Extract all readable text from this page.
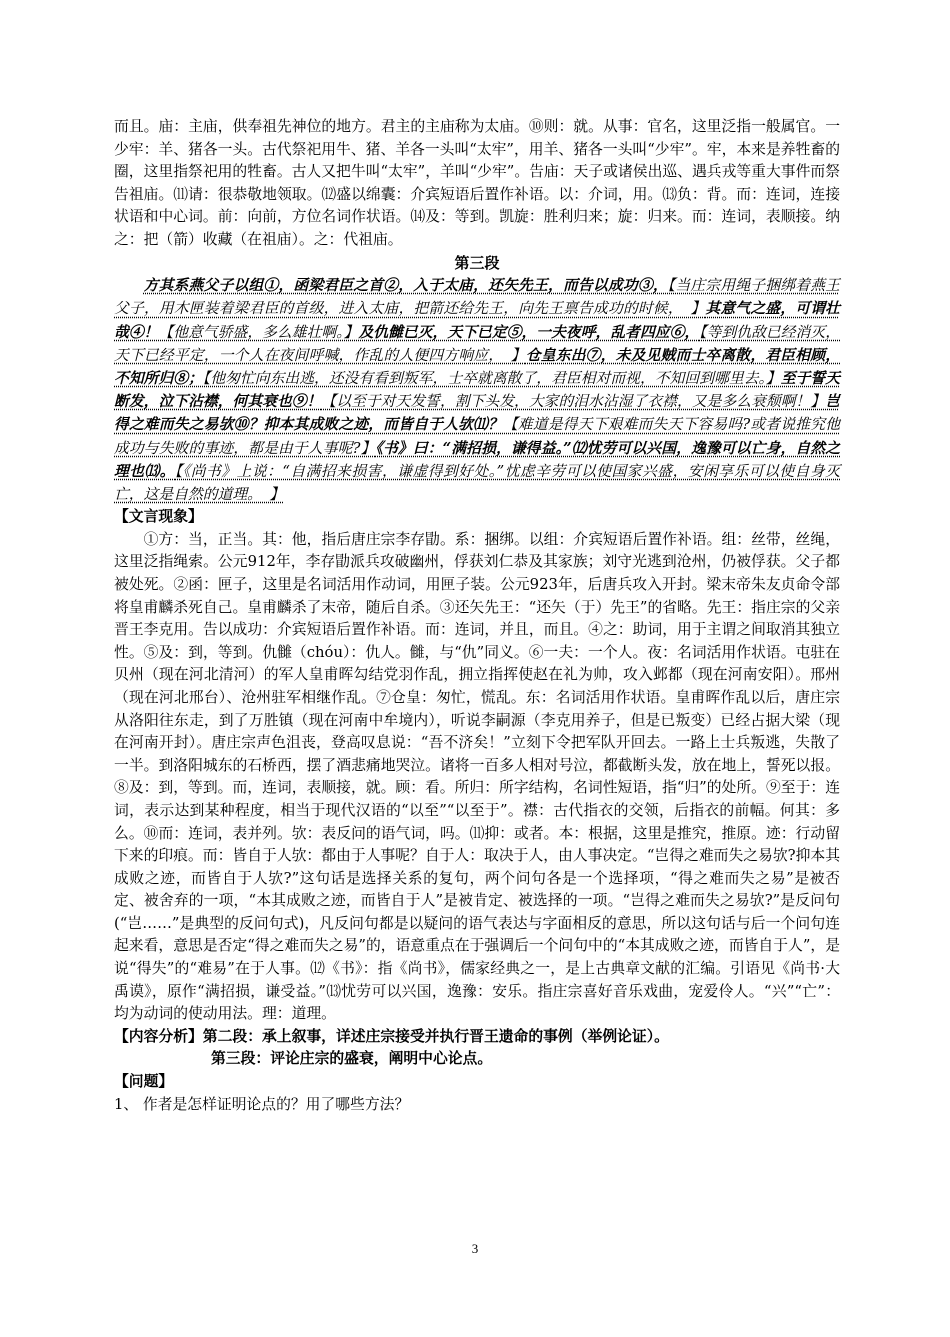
而且。庙：主庙，供奉祖先神位的地方。君主的主庙称为太庙。⑩则：就。从事：官名，这里泛指一般属官。一少牢：羊、猪各一头。古代祭祀用牛、猪、羊各一头叫“太牢”，用羊、猪各一头叫“少牢”。牢，本来是养牲畜的圈，这里指祭祀用的牲畜。古人又把牛叫“太牢”，羊叫“少牢”。告庙：天子或诸侯出巡、遇兵戎等重大事件而祭告祖庙。⑾请：很恭敬地领取。⑿盛以绵囊：介宾短语后置作补语。以：介词，用。⒀负：背。而：连词，连接状语和中心词。前：向前，方位名词作状语。⒁及：等到。凯旋：胜利归来；旋：归来。而：连词，表顺接。纳之：把（箭）收藏（在祖庙）。之：代祖庙。

第三段

方其系燕父子以组①，函梁君臣之首②，入于太庙，还矢先王，而告以成功③，【当庄宗用绳子捆绑着燕王父子，用木匣装着梁君臣的首级，进入太庙，把箭还给先王，向先王禀告成功的时候，　】其意气之盛，可谓壮哉④！【他意气骄盛，多么雄壮啊。】及仇雠已灭，天下已定⑤，一夫夜呼，乱者四应⑥，【等到仇敌已经消灭，天下已经平定，一个人在夜间呼喊，作乱的人便四方响应，　】仓皇东出⑦，未及见贼而士卒离散，君臣相顾，不知所归⑧；【他匆忙向东出逃，还没有看到叛军，士卒就离散了，君臣相对而视，不知回到哪里去。】至于誓天断发，泣下沾襟，何其衰也⑨！【以至于对天发誓，割下头发，大家的泪水沾湿了衣襟，又是多么衰颓啊！】岂得之难而失之易欤⑩？抑本其成败之迹，而皆自于人欤⑾？【难道是得天下艰难而失天下容易吗?或者说推究他成功与失败的事迹，都是由于人事呢?】《书》曰：“满招损，谦得益。”⑿忧劳可以兴国，逸豫可以亡身，自然之理也⒀。【《尚书》上说：“自满招来损害，谦虚得到好处。”忧虑辛劳可以使国家兴盛，安闲享乐可以使自身灭亡，这是自然的道理。　】

【文言现象】

①方：当，正当。其：他，指后唐庄宗李存勖。系：捆绑。以组：介宾短语后置作补语。组：丝带，丝绳，这里泛指绳索。公元912年，李存勖派兵攻破幽州，俘获刘仁恭及其家族；刘守光逃到沧州，仍被俘获。父子都被处死。②函：匣子，这里是名词活用作动词，用匣子装。公元923年，后唐兵攻入开封。梁末帝朱友贞命令部将皇甫麟杀死自己。皇甫麟杀了末帝，随后自杀。③还矢先王：“还矢（于）先王”的省略。先王：指庄宗的父亲晋王李克用。告以成功：介宾短语后置作补语。而：连词，并且，而且。④之：助词，用于主谓之间取消其独立性。⑤及：到，等到。仇雠（chóu）：仇人。雠，与“仇”同义。⑥一夫：一个人。夜：名词活用作状语。屯驻在贝州（现在河北清河）的军人皇甫晖勾结党羽作乱，拥立指挥使赵在礼为帅，攻入邺都（现在河南安阳）。邢州（现在河北邢台）、沧州驻军相继作乱。⑦仓皇：匆忙，慌乱。东：名词活用作状语。皇甫晖作乱以后，唐庄宗从洛阳往东走，到了万胜镇（现在河南中牟境内），听说李嗣源（李克用养子，但是已叛变）已经占据大梁（现在河南开封）。唐庄宗声色沮丧，登高叹息说：“吾不济矣！”立刻下令把军队开回去。一路上士兵叛逃，失散了一半。到洛阳城东的石桥西，摆了酒悲痛地哭泣。诸将一百多人相对号泣，都截断头发，放在地上，誓死以报。⑧及：到，等到。而，连词，表顺接，就。顾：看。所归：所字结构，名词性短语，指“归”的处所。⑨至于：连词，表示达到某种程度，相当于现代汉语的“以至”“以至于”。襟：古代指衣的交领，后指衣的前幅。何其：多么。⑩而：连词，表并列。欤：表反问的语气词，吗。⑾抑：或者。本：根据，这里是推究，推原。迹：行动留下来的印痕。而：皆自于人欤：都由于人事呢？自于人：取决于人，由人事决定。“岂得之难而失之易欤?抑本其成败之迹，而皆自于人欤?”这句话是选择关系的复句，两个问句各是一个选择项，“得之难而失之易”是被否定、被舍弃的一项，“本其成败之迹，而皆自于人”是被肯定、被选择的一项。“岂得之难而失之易欤?”是反问句(“岂……”是典型的反问句式)，凡反问句都是以疑问的语气表达与字面相反的意思，所以这句话与后一个问句连起来看，意思是否定“得之难而失之易”的，语意重点在于强调后一个问句中的“本其成败之迹，而皆自于人”，是说“得失”的“难易”在于人事。⑿《书》：指《尚书》，儒家经典之一，是上古典章文献的汇编。引语见《尚书·大禹谟》，原作“满招损，谦受益。”⒀忧劳可以兴国，逸豫：安乐。指庄宗喜好音乐戏曲，宠爱伶人。“兴”“亡”：均为动词的使动用法。理：道理。

【内容分析】第二段：承上叙事，详述庄宗接受并执行晋王遗命的事例（举例论证）。

第三段：评论庄宗的盛衰，阐明中心论点。

【问题】

1、 作者是怎样证明论点的？用了哪些方法？

3
